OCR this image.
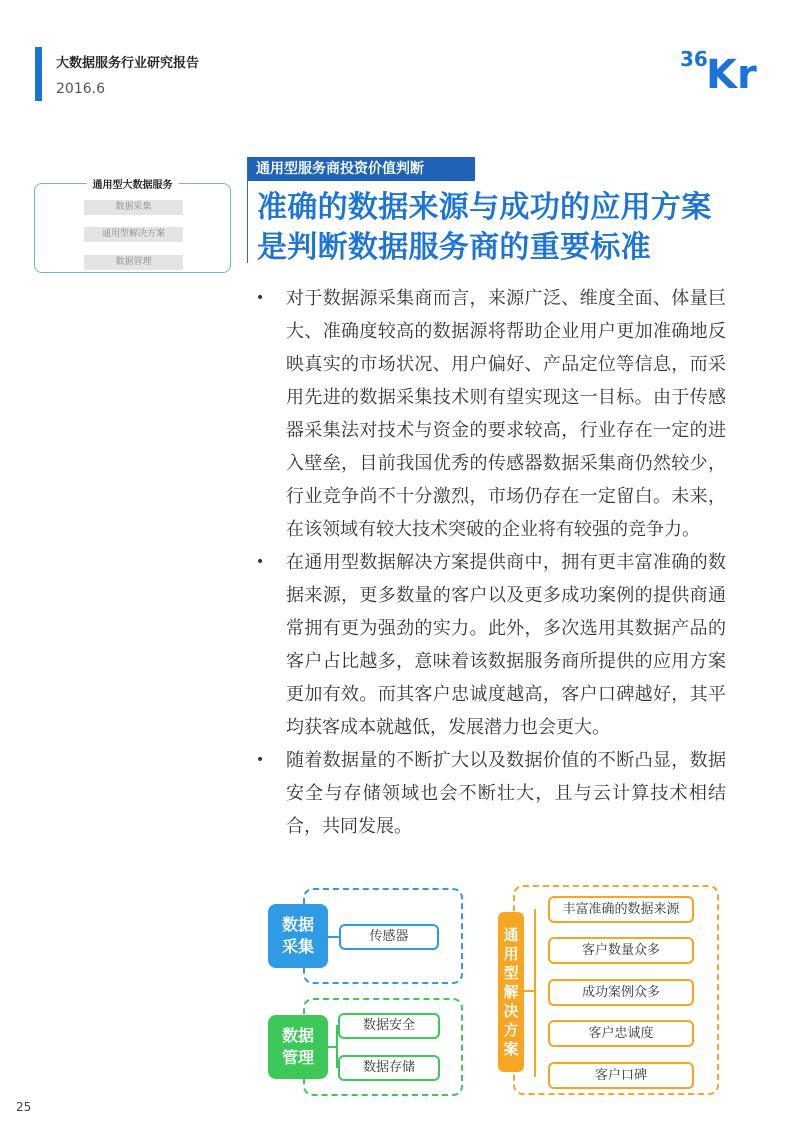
大数据服务行业研究报告
2016.6
36
Kr
通用型大数据服务
数据采集
通用型解决方案
数据管理
通用型服务商投资价值判断
准确的数据来源与成功的应用方案是判断数据服务商的重要标准
• 对于数据源采集商而言，来源广泛、维度全面、体量巨大、准确度较高的数据源将帮助企业用户更加准确地反映真实的市场状况、用户偏好、产品定位等信息，而采用先进的数据采集技术则有望实现这一目标。由于传感器采集法对技术与资金的要求较高，行业存在一定的进入壁垒，目前我国优秀的传感器数据采集商仍然较少，行业竞争尚不十分激烈，市场仍存在一定留白。未来，在该领域有较大技术突破的企业将有较强的竞争力。
• 在通用型数据解决方案提供商中，拥有更丰富准确的数据来源，更多数量的客户以及更多成功案例的提供商通常拥有更为强劲的实力。此外，多次选用其数据产品的客户占比越多，意味着该数据服务商所提供的应用方案更加有效。而其客户忠诚度越高，客户口碑越好，其平均获客成本就越低，发展潜力也会更大。
• 随着数据量的不断扩大以及数据价值的不断凸显，数据安全与存储领域也会不断壮大，且与云计算技术相结合，共同发展。
数据采集
传感器
数据管理
数据安全
数据存储
通用型解决方案
丰富准确的数据来源
客户数量众多
成功案例众多
客户忠诚度
客户口碑
25
